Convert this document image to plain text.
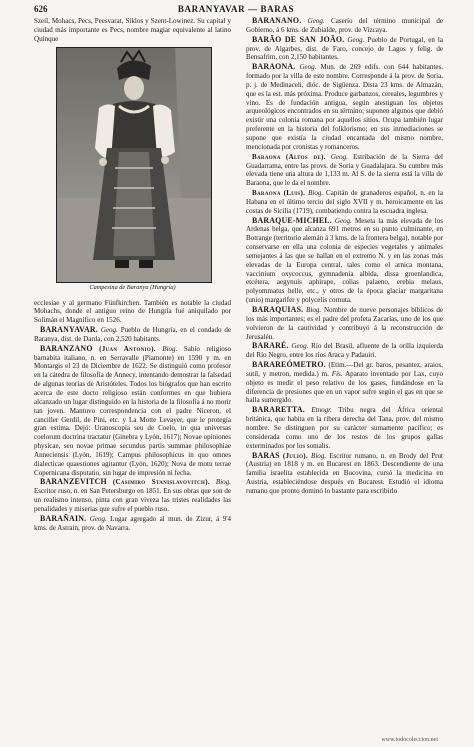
626	BARANYAVAR — BARAS

Szeil, Mohacs, Pecs, Peesvarat, Siklos y Szent-Lowinez. Su capital y ciudad más importante es Pecs, nombre magiar equivalente al latino Quinque

Campesina de Baranya (Hungría)

ecclesiae y al germano Fünfkirchen. También es notable la ciudad Mohachs, donde el antiguo reino de Hungría fué aniquilado por Solimán el Magnífico en 1526.

BARANYAVAR. Geog. Pueblo de Hungría, en el condado de Baranya, dist. de Darda, con 2,520 habitants.

BARANZANO (Juan Antonio). Biog. Sabio religioso barnabita italiano, n. en Serravalle (Piamonte) en 1590 y m. en Montargis el 23 de Diciembre de 1622. Se distinguió como profesor en la cátedra de filosofía de Annecy, intentando demostrar la falsedad de algunas teorías de Aristóteles. Todos los biógrafos que han escrito acerca de este docto religioso están conformes en que hubiera alcanzado un lugar distinguido en la historia de la filosofía á no morir tan joven. Mantuvo correspondencia con el padre Niceron, el canciller Gerdil, de Pini, etc. y La Motte Levayer, que le protegía gran estima. Dejó: Uranoscopia seu de Coelo, in qua universas coelorum doctrina tractatur (Ginebra y Lyón, 1617); Novae opiniones physicae, seu novae primae secundus partis summae philosophiae Anneciensis (Lyón, 1619); Campus philosophicus in quo omnes dialecticae quaestiones agitantur (Lyón, 1620); Nova de motu terrae Copernicana disputatio, sin lugar de impresión ni fecha.

BARANZEVITCH (Casimiro Stanislavovitch). Biog. Escritor ruso, n. en San Petersburgo en 1851. En sus obras que son de un realismo intenso, pinta con gran viveza las tristes realidades las penalidades y miserias que sufre el pueblo ruso.

BARAÑAIN. Geog. Lugar agregado al mun. de Zizur, á 9'4 kms. de Astrain, prov. de Navarra.

BARAÑANO. Geog. Caserío del término municipal de Gobierno, á 6 kms. de Zubialde, prov. de Vizcaya.

BARÃO DE SAN JOÃO. Geog. Pueblo de Portugal, en la prov. de Algarbes, dist. de Faro, concejo de Lagos y felig. de Bensafrim, con 2,150 habitantes.

BARAONA. Geog. Mun. de 269 edifs. con 644 habitantes, formado por la villa de este nombre. Corresponde á la prov. de Soria, p. j. de Medinaceli, dióc. de Sigüenza. Dista 23 kms. de Almazán, que es la est. más próxima. Produce garbanzos, cereales, legumbres y vino. Es de fundación antigua, según atestiguan los objetos arqueológicos encontrados en su término; suponen algunos que debió existir una colonia romana por aquellos sitios. Ocupa también lugar preferente en la historia del folklorismo; en sus inmediaciones se supone que existía la ciudad encantada del mismo nombre, mencionada por cronistas y romanceros.

Baraona (Altos de). Geog. Estribación de la Sierra del Guadarrama, entre las provs. de Soria y Guadalajara. Su cumbre más elevada tiene una altura de 1,133 m. Al S. de la sierra está la villa de Baraona, que le da el nombre.

Baraona (Luis). Biog. Capitán de granaderos español, n. en la Habana en el último tercio del siglo XVII y m. heroicamente en las costas de Sicilia (1719), combatiendo contra la escuadra inglesa.

BARAQUE-MICHEL. Geog. Meseta la más elevada de los Ardenas belga, que alcanza 691 metros en su punto culminante, en Botrange (territorio alemán á 3 kms. de la frontera belga), notable por conservarse en ella una colonia de especies vegetales y animales semejantes á las que se hallan en el extremo N. y en las zonas más elevadas de la Europa central, tales como el arnica montana, vaccinium oxycoccus, gymnadenia albida, dissa groenlandica, etcétera, aegynuis aphirape, colias palaeno, erebia melaus, polyommatus helle, etc., y otros de la época glaciar margaritana (unio) margarifer y polycelis cornuta.

BARAQUIAS. Biog. Nombre de nueve personajes bíblicos de los más importantes; es el padre del profeta Zacarías, uno de los que volvieron de la cautividad y contribuyó á la reconstrucción de Jerusalén.

BARARÉ. Geog. Río del Brasil, afluente de la orilla izquierda del Río Negro, entre los ríos Araca y Padauiri.

BARAREÓMETRO. (Etim.—Del gr. baros, pesantez, araios, sutil, y metron, medida.) m. Fís. Aparato inventado por Lax, cuyo objeto es medir el peso relativo de los gases, fundándose en la diferencia de presiones que en un vapor sufre según el gas en que se halla sumergido.

BARARETTA. Etnogr. Tribu negra del África oriental británica, que habita en la ribera derecha del Tana, prov. del mismo nombre. Se distinguen por su carácter sumamente pacífico; es considerada como uno de los restos de los grupos gallas exterminados por los somalis.

BARAS (Julio). Biog. Escritor rumano, n. en Brody del Prut (Austria) en 1818 y m. en Bucarest en 1863. Descendiente de una familia israelita establecida en Bucovina, cursó la medicina en Austria, estableciéndose después en Bucarest. Estudió el idioma rumano que pronto dominó lo bastante para escribirlo

www.todocoleccion.net
